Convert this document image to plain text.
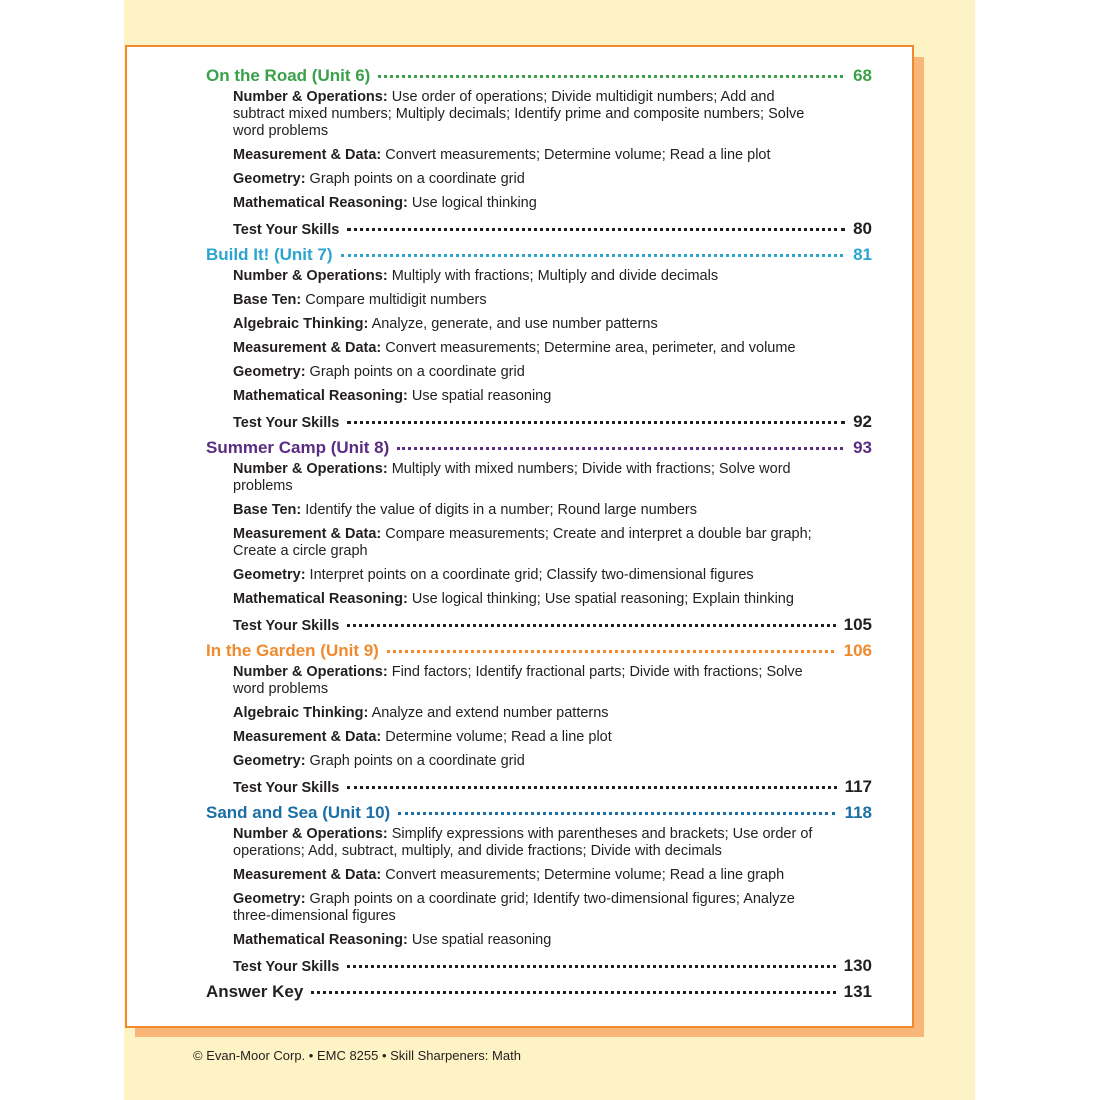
On the Road (Unit 6)	68
Number & Operations: Use order of operations; Divide multidigit numbers; Add and subtract mixed numbers; Multiply decimals; Identify prime and composite numbers; Solve word problems
Measurement & Data: Convert measurements; Determine volume; Read a line plot
Geometry: Graph points on a coordinate grid
Mathematical Reasoning: Use logical thinking
Test Your Skills	80
Build It! (Unit 7)	81
Number & Operations: Multiply with fractions; Multiply and divide decimals
Base Ten: Compare multidigit numbers
Algebraic Thinking: Analyze, generate, and use number patterns
Measurement & Data: Convert measurements; Determine area, perimeter, and volume
Geometry: Graph points on a coordinate grid
Mathematical Reasoning: Use spatial reasoning
Test Your Skills	92
Summer Camp (Unit 8)	93
Number & Operations: Multiply with mixed numbers; Divide with fractions; Solve word problems
Base Ten: Identify the value of digits in a number; Round large numbers
Measurement & Data: Compare measurements; Create and interpret a double bar graph; Create a circle graph
Geometry: Interpret points on a coordinate grid; Classify two-dimensional figures
Mathematical Reasoning: Use logical thinking; Use spatial reasoning; Explain thinking
Test Your Skills	105
In the Garden (Unit 9)	106
Number & Operations: Find factors; Identify fractional parts; Divide with fractions; Solve word problems
Algebraic Thinking: Analyze and extend number patterns
Measurement & Data: Determine volume; Read a line plot
Geometry: Graph points on a coordinate grid
Test Your Skills	117
Sand and Sea (Unit 10)	118
Number & Operations: Simplify expressions with parentheses and brackets; Use order of operations; Add, subtract, multiply, and divide fractions; Divide with decimals
Measurement & Data: Convert measurements; Determine volume; Read a line graph
Geometry: Graph points on a coordinate grid; Identify two-dimensional figures; Analyze three-dimensional figures
Mathematical Reasoning: Use spatial reasoning
Test Your Skills	130
Answer Key	131
© Evan-Moor Corp. • EMC 8255 • Skill Sharpeners: Math
